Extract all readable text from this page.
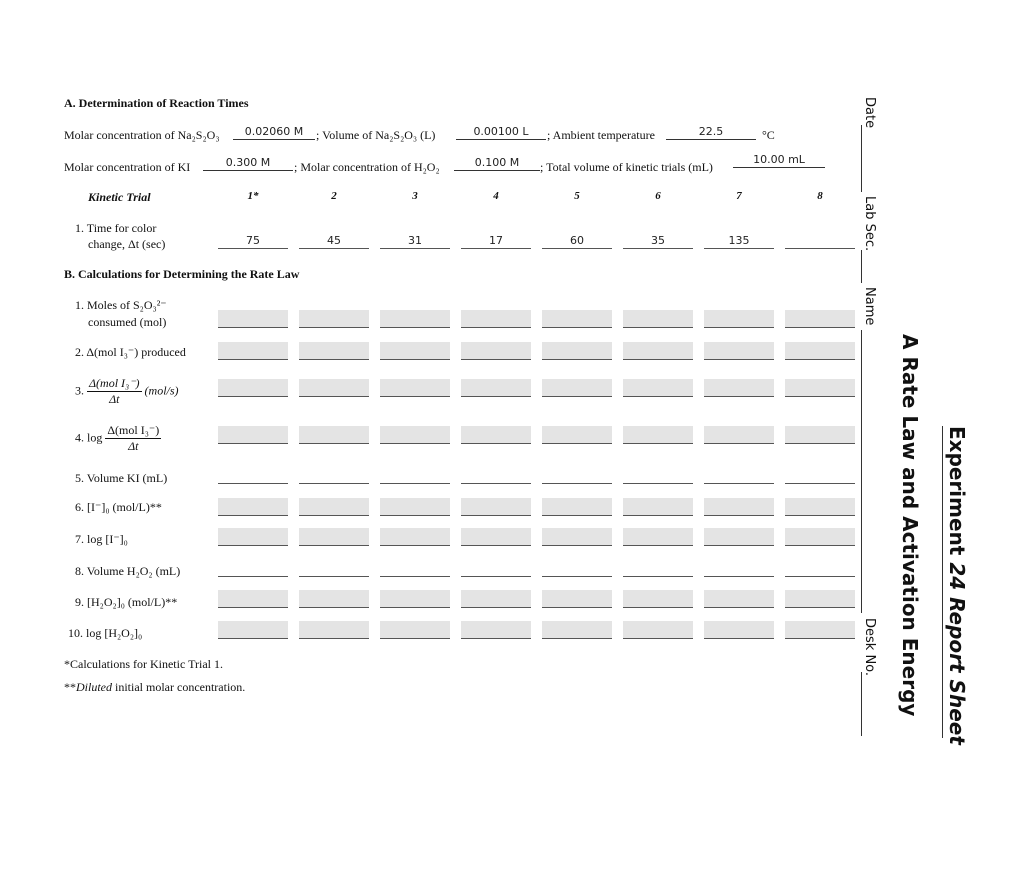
A. Determination of Reaction Times
Molar concentration of Na₂S₂O₃	0.02060 M	; Volume of Na₂S₂O₃ (L)	0.00100 L	; Ambient temperature	22.5	°C
Molar concentration of KI	0.300 M	; Molar concentration of H₂O₂	0.100 M	; Total volume of kinetic trials (mL)
10.00 mL
Kinetic Trial	1*	2	3	4	5	6	7	8
1. Time for color
change, Δt (sec)	75	45	31	17	60	35	135
B. Calculations for Determining the Rate Law
1. Moles of S₂O₃²⁻
consumed (mol)
2. Δ(mol I₃⁻) produced
3. $\frac{\text{Δ(mol I₃⁻)}}{\Delta t} (mol/s)$
4. $\log \frac{\text{Δ(mol I₃⁻)}}{\Delta t}$
5. Volume KI (mL)
6. [I⁻]₀ (mol/L)**
7. log [I⁻]₀
8. Volume H₂O₂ (mL)
9. [H₂O₂]₀ (mol/L)**
10. log [H₂O₂]₀
*Calculations for Kinetic Trial 1.
**Diluted initial molar concentration.
Date
Lab Sec.
Name
Desk No. A Rate Law and Activation Energy Experiment 24 Report Sheet
